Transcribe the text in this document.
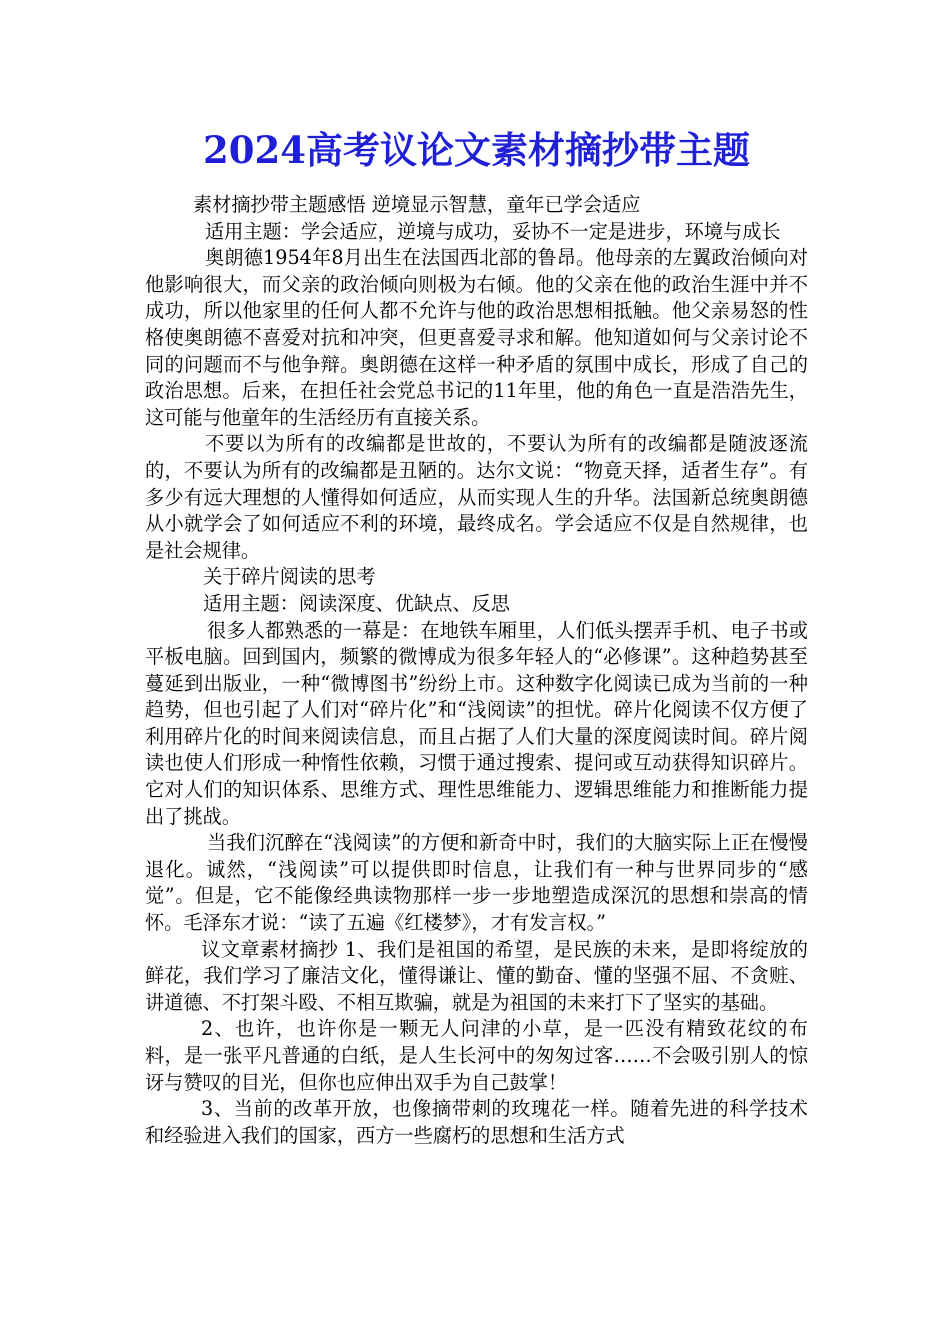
2024高考议论文素材摘抄带主题

素材摘抄带主题感悟 逆境显示智慧，童年已学会适应

适用主题：学会适应，逆境与成功，妥协不一定是进步，环境与成长

奥朗德1954年8月出生在法国西北部的鲁昂。他母亲的左翼政治倾向对他影响很大，而父亲的政治倾向则极为右倾。他的父亲在他的政治生涯中并不成功，所以他家里的任何人都不允许与他的政治思想相抵触。他父亲易怒的性格使奥朗德不喜爱对抗和冲突，但更喜爱寻求和解。他知道如何与父亲讨论不同的问题而不与他争辩。奥朗德在这样一种矛盾的氛围中成长，形成了自己的政治思想。后来，在担任社会党总书记的11年里，他的角色一直是浩浩先生，这可能与他童年的生活经历有直接关系。

不要以为所有的改编都是世故的，不要认为所有的改编都是随波逐流的，不要认为所有的改编都是丑陋的。达尔文说：“物竟天择，适者生存”。有多少有远大理想的人懂得如何适应，从而实现人生的升华。法国新总统奥朗德从小就学会了如何适应不利的环境，最终成名。学会适应不仅是自然规律，也是社会规律。

关于碎片阅读的思考

适用主题：阅读深度、优缺点、反思

很多人都熟悉的一幕是：在地铁车厢里，人们低头摆弄手机、电子书或平板电脑。回到国内，频繁的微博成为很多年轻人的“必修课”。这种趋势甚至蔓延到出版业，一种“微博图书”纷纷上市。这种数字化阅读已成为当前的一种趋势，但也引起了人们对“碎片化”和“浅阅读”的担忧。碎片化阅读不仅方便了利用碎片化的时间来阅读信息，而且占据了人们大量的深度阅读时间。碎片阅读也使人们形成一种惰性依赖，习惯于通过搜索、提问或互动获得知识碎片。它对人们的知识体系、思维方式、理性思维能力、逻辑思维能力和推断能力提出了挑战。

当我们沉醉在“浅阅读”的方便和新奇中时，我们的大脑实际上正在慢慢退化。诚然，“浅阅读”可以提供即时信息，让我们有一种与世界同步的“感觉”。但是，它不能像经典读物那样一步一步地塑造成深沉的思想和崇高的情怀。毛泽东才说：“读了五遍《红楼梦》，才有发言权。”

议文章素材摘抄 1、我们是祖国的希望，是民族的未来，是即将绽放的鲜花，我们学习了廉洁文化，懂得谦让、懂的勤奋、懂的坚强不屈、不贪赃、讲道德、不打架斗殴、不相互欺骗，就是为祖国的未来打下了坚实的基础。

2、也许，也许你是一颗无人问津的小草，是一匹没有精致花纹的布料，是一张平凡普通的白纸，是人生长河中的匆匆过客……不会吸引别人的惊讶与赞叹的目光，但你也应伸出双手为自己鼓掌！

3、当前的改革开放，也像摘带刺的玫瑰花一样。随着先进的科学技术和经验进入我们的国家，西方一些腐朽的思想和生活方式
